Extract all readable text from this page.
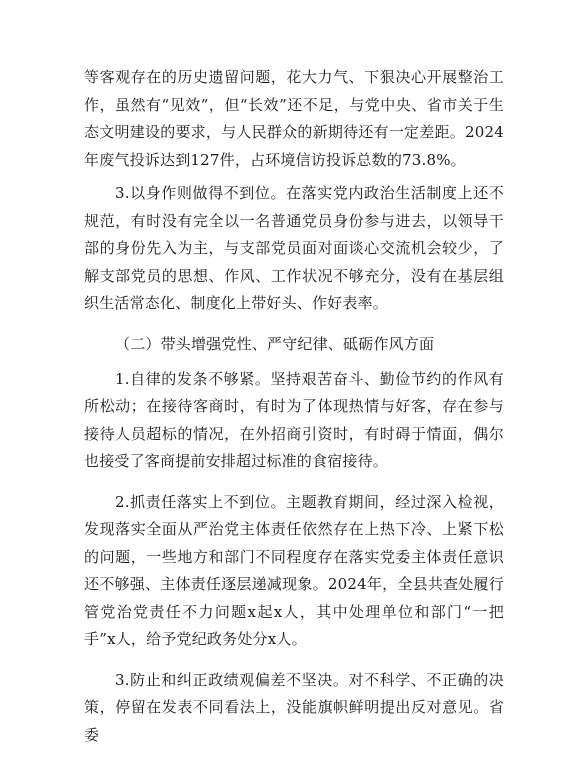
等客观存在的历史遗留问题，花大力气、下狠决心开展整治工作，虽然有“见效”，但“长效”还不足，与党中央、省市关于生态文明建设的要求，与人民群众的新期待还有一定差距。2024年废气投诉达到127件，占环境信访投诉总数的73.8%。

3.以身作则做得不到位。在落实党内政治生活制度上还不规范，有时没有完全以一名普通党员身份参与进去，以领导干部的身份先入为主，与支部党员面对面谈心交流机会较少，了解支部党员的思想、作风、工作状况不够充分，没有在基层组织生活常态化、制度化上带好头、作好表率。

（二）带头增强党性、严守纪律、砥砺作风方面

1.自律的发条不够紧。坚持艰苦奋斗、勤俭节约的作风有所松动；在接待客商时，有时为了体现热情与好客，存在参与接待人员超标的情况，在外招商引资时，有时碍于情面，偶尔也接受了客商提前安排超过标准的食宿接待。

2.抓责任落实上不到位。主题教育期间，经过深入检视，发现落实全面从严治党主体责任依然存在上热下冷、上紧下松的问题，一些地方和部门不同程度存在落实党委主体责任意识还不够强、主体责任逐层递减现象。2024年，全县共查处履行管党治党责任不力问题x起x人，其中处理单位和部门“一把手”x人，给予党纪政务处分x人。

3.防止和纠正政绩观偏差不坚决。对不科学、不正确的决策，停留在发表不同看法上，没能旗帜鲜明提出反对意见。省委
